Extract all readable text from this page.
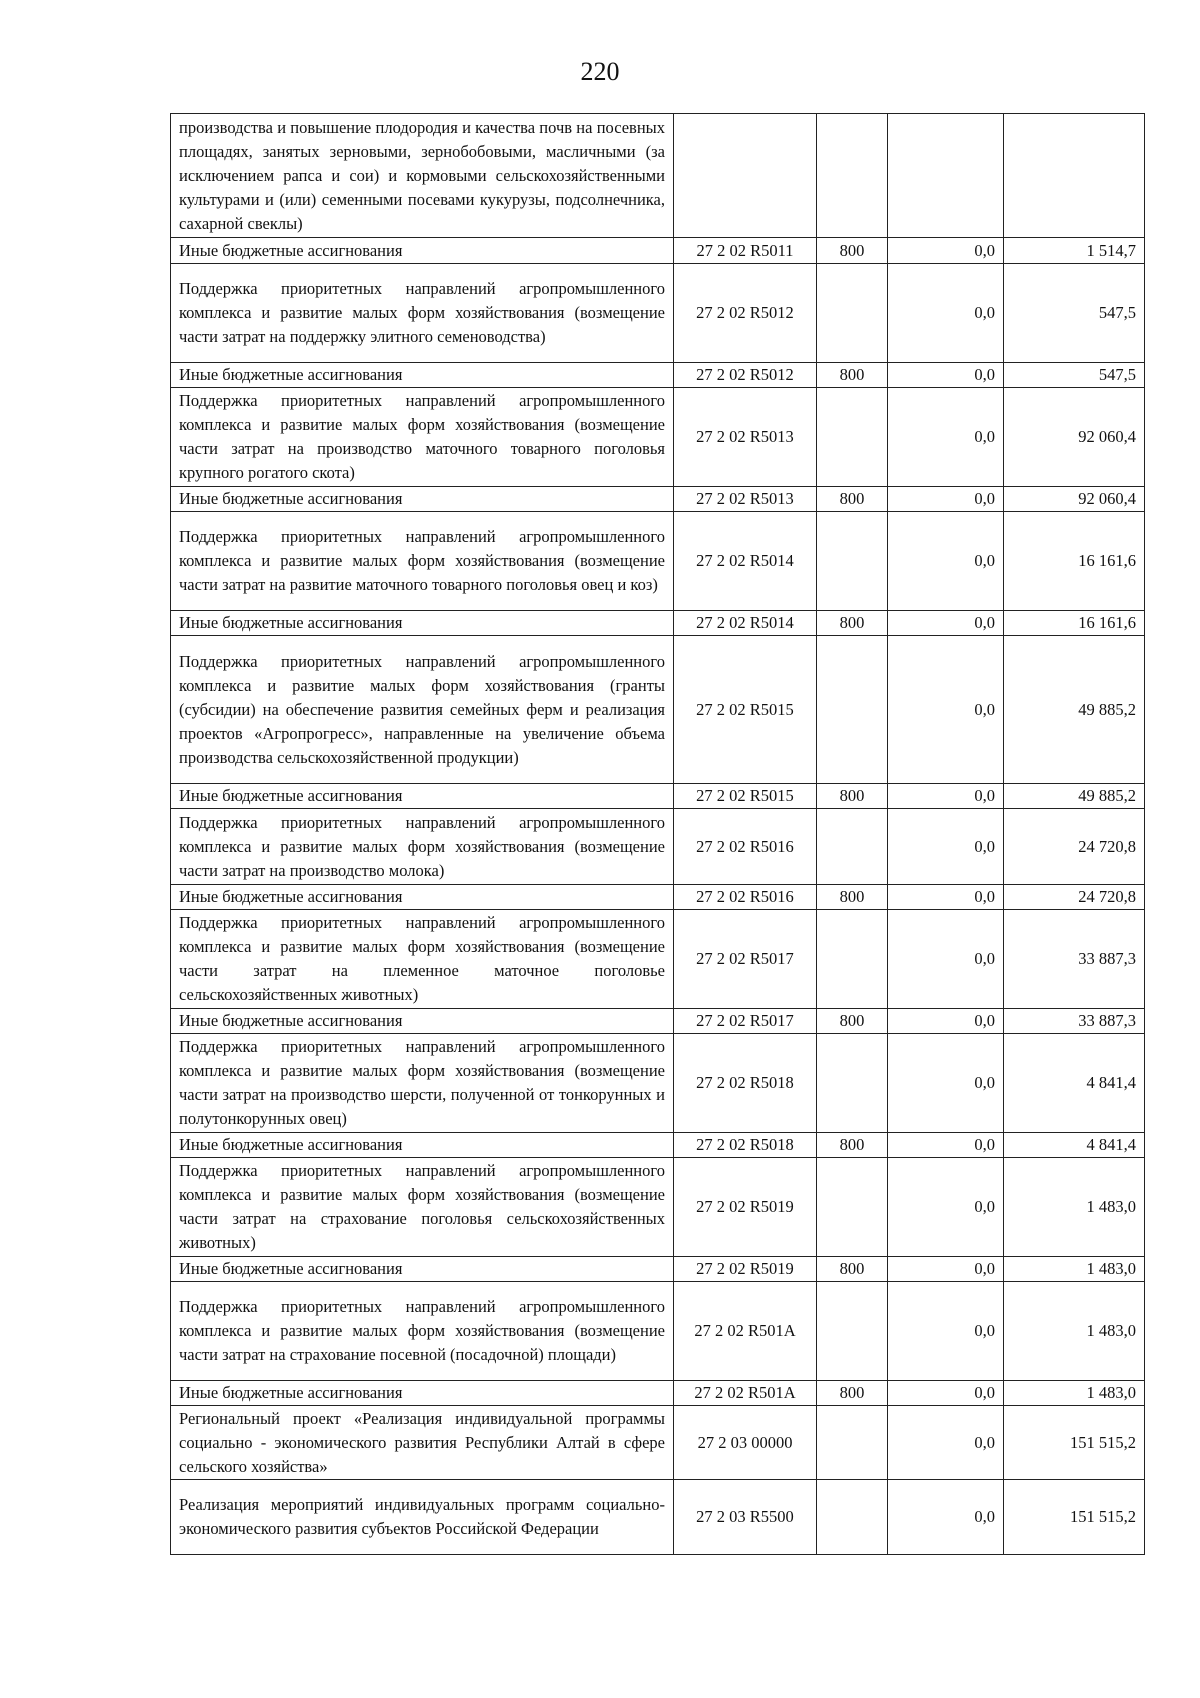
220
производства и повышение плодородия и качества почв на посевных площадях, занятых зерновыми, зернобобовыми, масличными (за исключением рапса и сои) и кормовыми сельскохозяйственными культурами и (или) семенными посевами кукурузы, подсолнечника, сахарной свеклы)				
Иные бюджетные ассигнования	27 2 02 R5011	800	0,0	1 514,7
Поддержка приоритетных направлений агропромышленного комплекса и развитие малых форм хозяйствования (возмещение части затрат на поддержку элитного семеноводства)	27 2 02 R5012		0,0	547,5
Иные бюджетные ассигнования	27 2 02 R5012	800	0,0	547,5
Поддержка приоритетных направлений агропромышленного комплекса и развитие малых форм хозяйствования (возмещение части затрат на производство маточного товарного поголовья крупного рогатого скота)	27 2 02 R5013		0,0	92 060,4
Иные бюджетные ассигнования	27 2 02 R5013	800	0,0	92 060,4
Поддержка приоритетных направлений агропромышленного комплекса и развитие малых форм хозяйствования (возмещение части затрат на развитие маточного товарного поголовья овец и коз)	27 2 02 R5014		0,0	16 161,6
Иные бюджетные ассигнования	27 2 02 R5014	800	0,0	16 161,6
Поддержка приоритетных направлений агропромышленного комплекса и развитие малых форм хозяйствования (гранты (субсидии) на обеспечение развития семейных ферм и реализация проектов «Агропрогресс», направленные на увеличение объема производства сельскохозяйственной продукции)	27 2 02 R5015		0,0	49 885,2
Иные бюджетные ассигнования	27 2 02 R5015	800	0,0	49 885,2
Поддержка приоритетных направлений агропромышленного комплекса и развитие малых форм хозяйствования (возмещение части затрат на производство молока)	27 2 02 R5016		0,0	24 720,8
Иные бюджетные ассигнования	27 2 02 R5016	800	0,0	24 720,8
Поддержка приоритетных направлений агропромышленного комплекса и развитие малых форм хозяйствования (возмещение части затрат на племенное маточное поголовье сельскохозяйственных животных)	27 2 02 R5017		0,0	33 887,3
Иные бюджетные ассигнования	27 2 02 R5017	800	0,0	33 887,3
Поддержка приоритетных направлений агропромышленного комплекса и развитие малых форм хозяйствования (возмещение части затрат на производство шерсти, полученной от тонкорунных и полутонкорунных овец)	27 2 02 R5018		0,0	4 841,4
Иные бюджетные ассигнования	27 2 02 R5018	800	0,0	4 841,4
Поддержка приоритетных направлений агропромышленного комплекса и развитие малых форм хозяйствования (возмещение части затрат на страхование поголовья сельскохозяйственных животных)	27 2 02 R5019		0,0	1 483,0
Иные бюджетные ассигнования	27 2 02 R5019	800	0,0	1 483,0
Поддержка приоритетных направлений агропромышленного комплекса и развитие малых форм хозяйствования (возмещение части затрат на страхование посевной (посадочной) площади)	27 2 02 R501A		0,0	1 483,0
Иные бюджетные ассигнования	27 2 02 R501A	800	0,0	1 483,0
Региональный проект «Реализация индивидуальной программы социально - экономического развития Республики Алтай в сфере сельского хозяйства»	27 2 03 00000		0,0	151 515,2
Реализация мероприятий индивидуальных программ социально-экономического развития субъектов Российской Федерации	27 2 03 R5500		0,0	151 515,2
